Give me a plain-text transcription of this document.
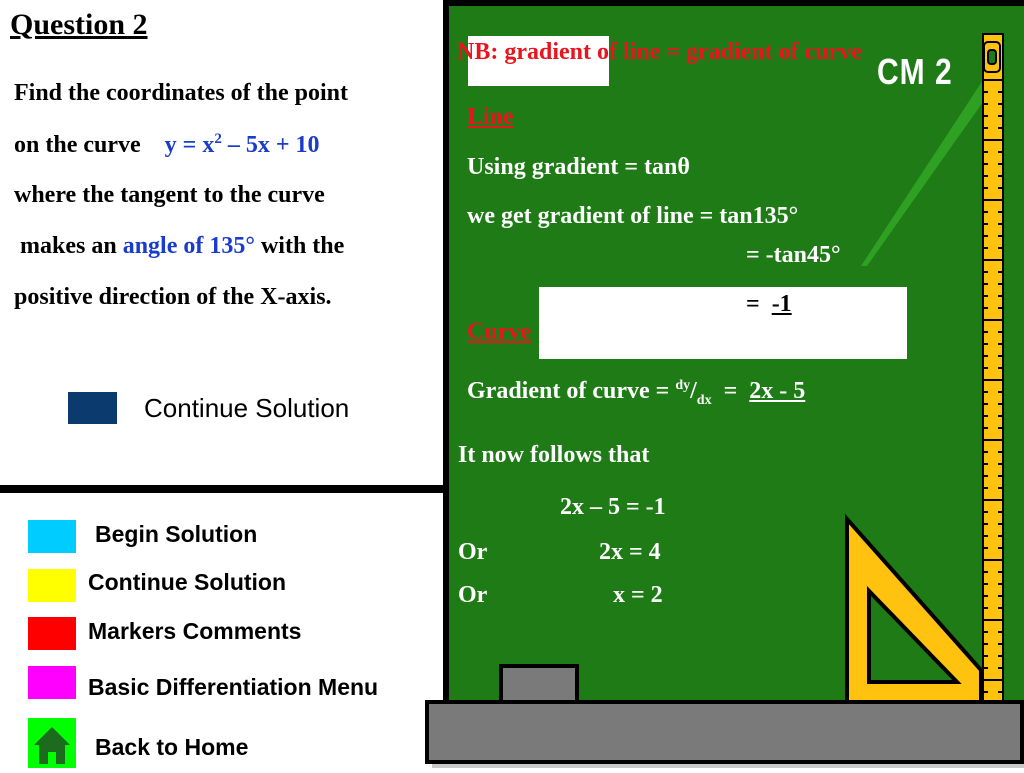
Question 2
Find the coordinates of the point
on the curve $y = x^2 - 5x + 10$
where the tangent to the curve
makes an angle of 135° with the
positive direction of the X-axis.
Continue Solution
Begin Solution
Continue Solution
Markers Comments
Basic Differentiation Menu
Back to Home
NB: gradient of line = gradient of curve
CM 2
Line
Using gradient = tanθ
we get gradient of line = tan135°
= -tan45°
=  -1
Curve
Gradient of curve = $^{dy}/_{dx} = 2x - 5$
It now follows that
2x – 5 = -1
Or	2x = 4
Or	x = 2
